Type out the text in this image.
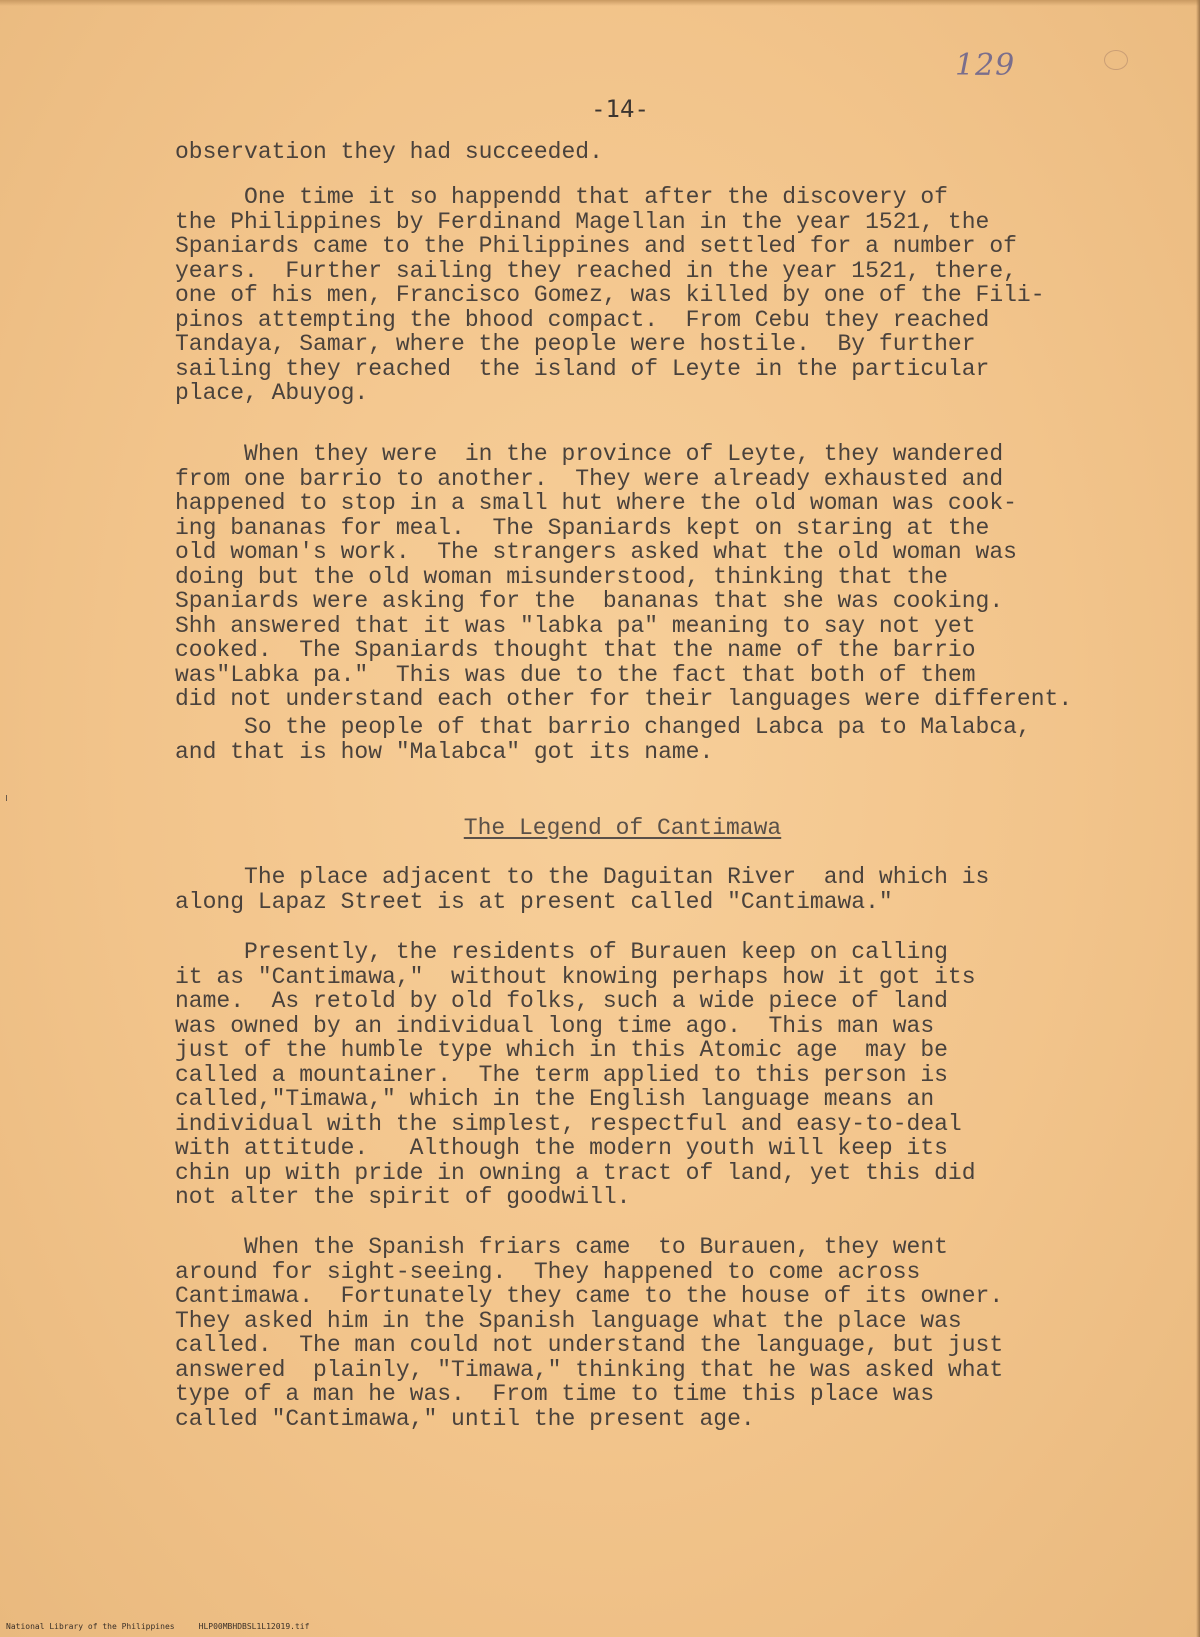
129
-14-
observation they had succeeded.
One time it so happendd that after the discovery of
the Philippines by Ferdinand Magellan in the year 1521, the
Spaniards came to the Philippines and settled for a number of
years.  Further sailing they reached in the year 1521, there,
one of his men, Francisco Gomez, was killed by one of the Fili-
pinos attempting the bhood compact.  From Cebu they reached
Tandaya, Samar, where the people were hostile.  By further
sailing they reached  the island of Leyte in the particular
place, Abuyog.
When they were  in the province of Leyte, they wandered
from one barrio to another.  They were already exhausted and
happened to stop in a small hut where the old woman was cook-
ing bananas for meal.  The Spaniards kept on staring at the
old woman's work.  The strangers asked what the old woman was
doing but the old woman misunderstood, thinking that the
Spaniards were asking for the  bananas that she was cooking.
Shh answered that it was "labka pa" meaning to say not yet
cooked.  The Spaniards thought that the name of the barrio
was"Labka pa."  This was due to the fact that both of them
did not understand each other for their languages were different.
So the people of that barrio changed Labca pa to Malabca,
and that is how "Malabca" got its name.
The Legend of Cantimawa
The place adjacent to the Daguitan River  and which is
along Lapaz Street is at present called "Cantimawa."
Presently, the residents of Burauen keep on calling
it as "Cantimawa,"  without knowing perhaps how it got its
name.  As retold by old folks, such a wide piece of land
was owned by an individual long time ago.  This man was
just of the humble type which in this Atomic age  may be
called a mountainer.  The term applied to this person is
called,"Timawa," which in the English language means an
individual with the simplest, respectful and easy-to-deal
with attitude.   Although the modern youth will keep its
chin up with pride in owning a tract of land, yet this did
not alter the spirit of goodwill.
When the Spanish friars came  to Burauen, they went
around for sight-seeing.  They happened to come across
Cantimawa.  Fortunately they came to the house of its owner.
They asked him in the Spanish language what the place was
called.  The man could not understand the language, but just
answered  plainly, "Timawa," thinking that he was asked what
type of a man he was.  From time to time this place was
called "Cantimawa," until the present age.
National Library of the Philippines     HLP00MBHDBSL1L12019.tif
